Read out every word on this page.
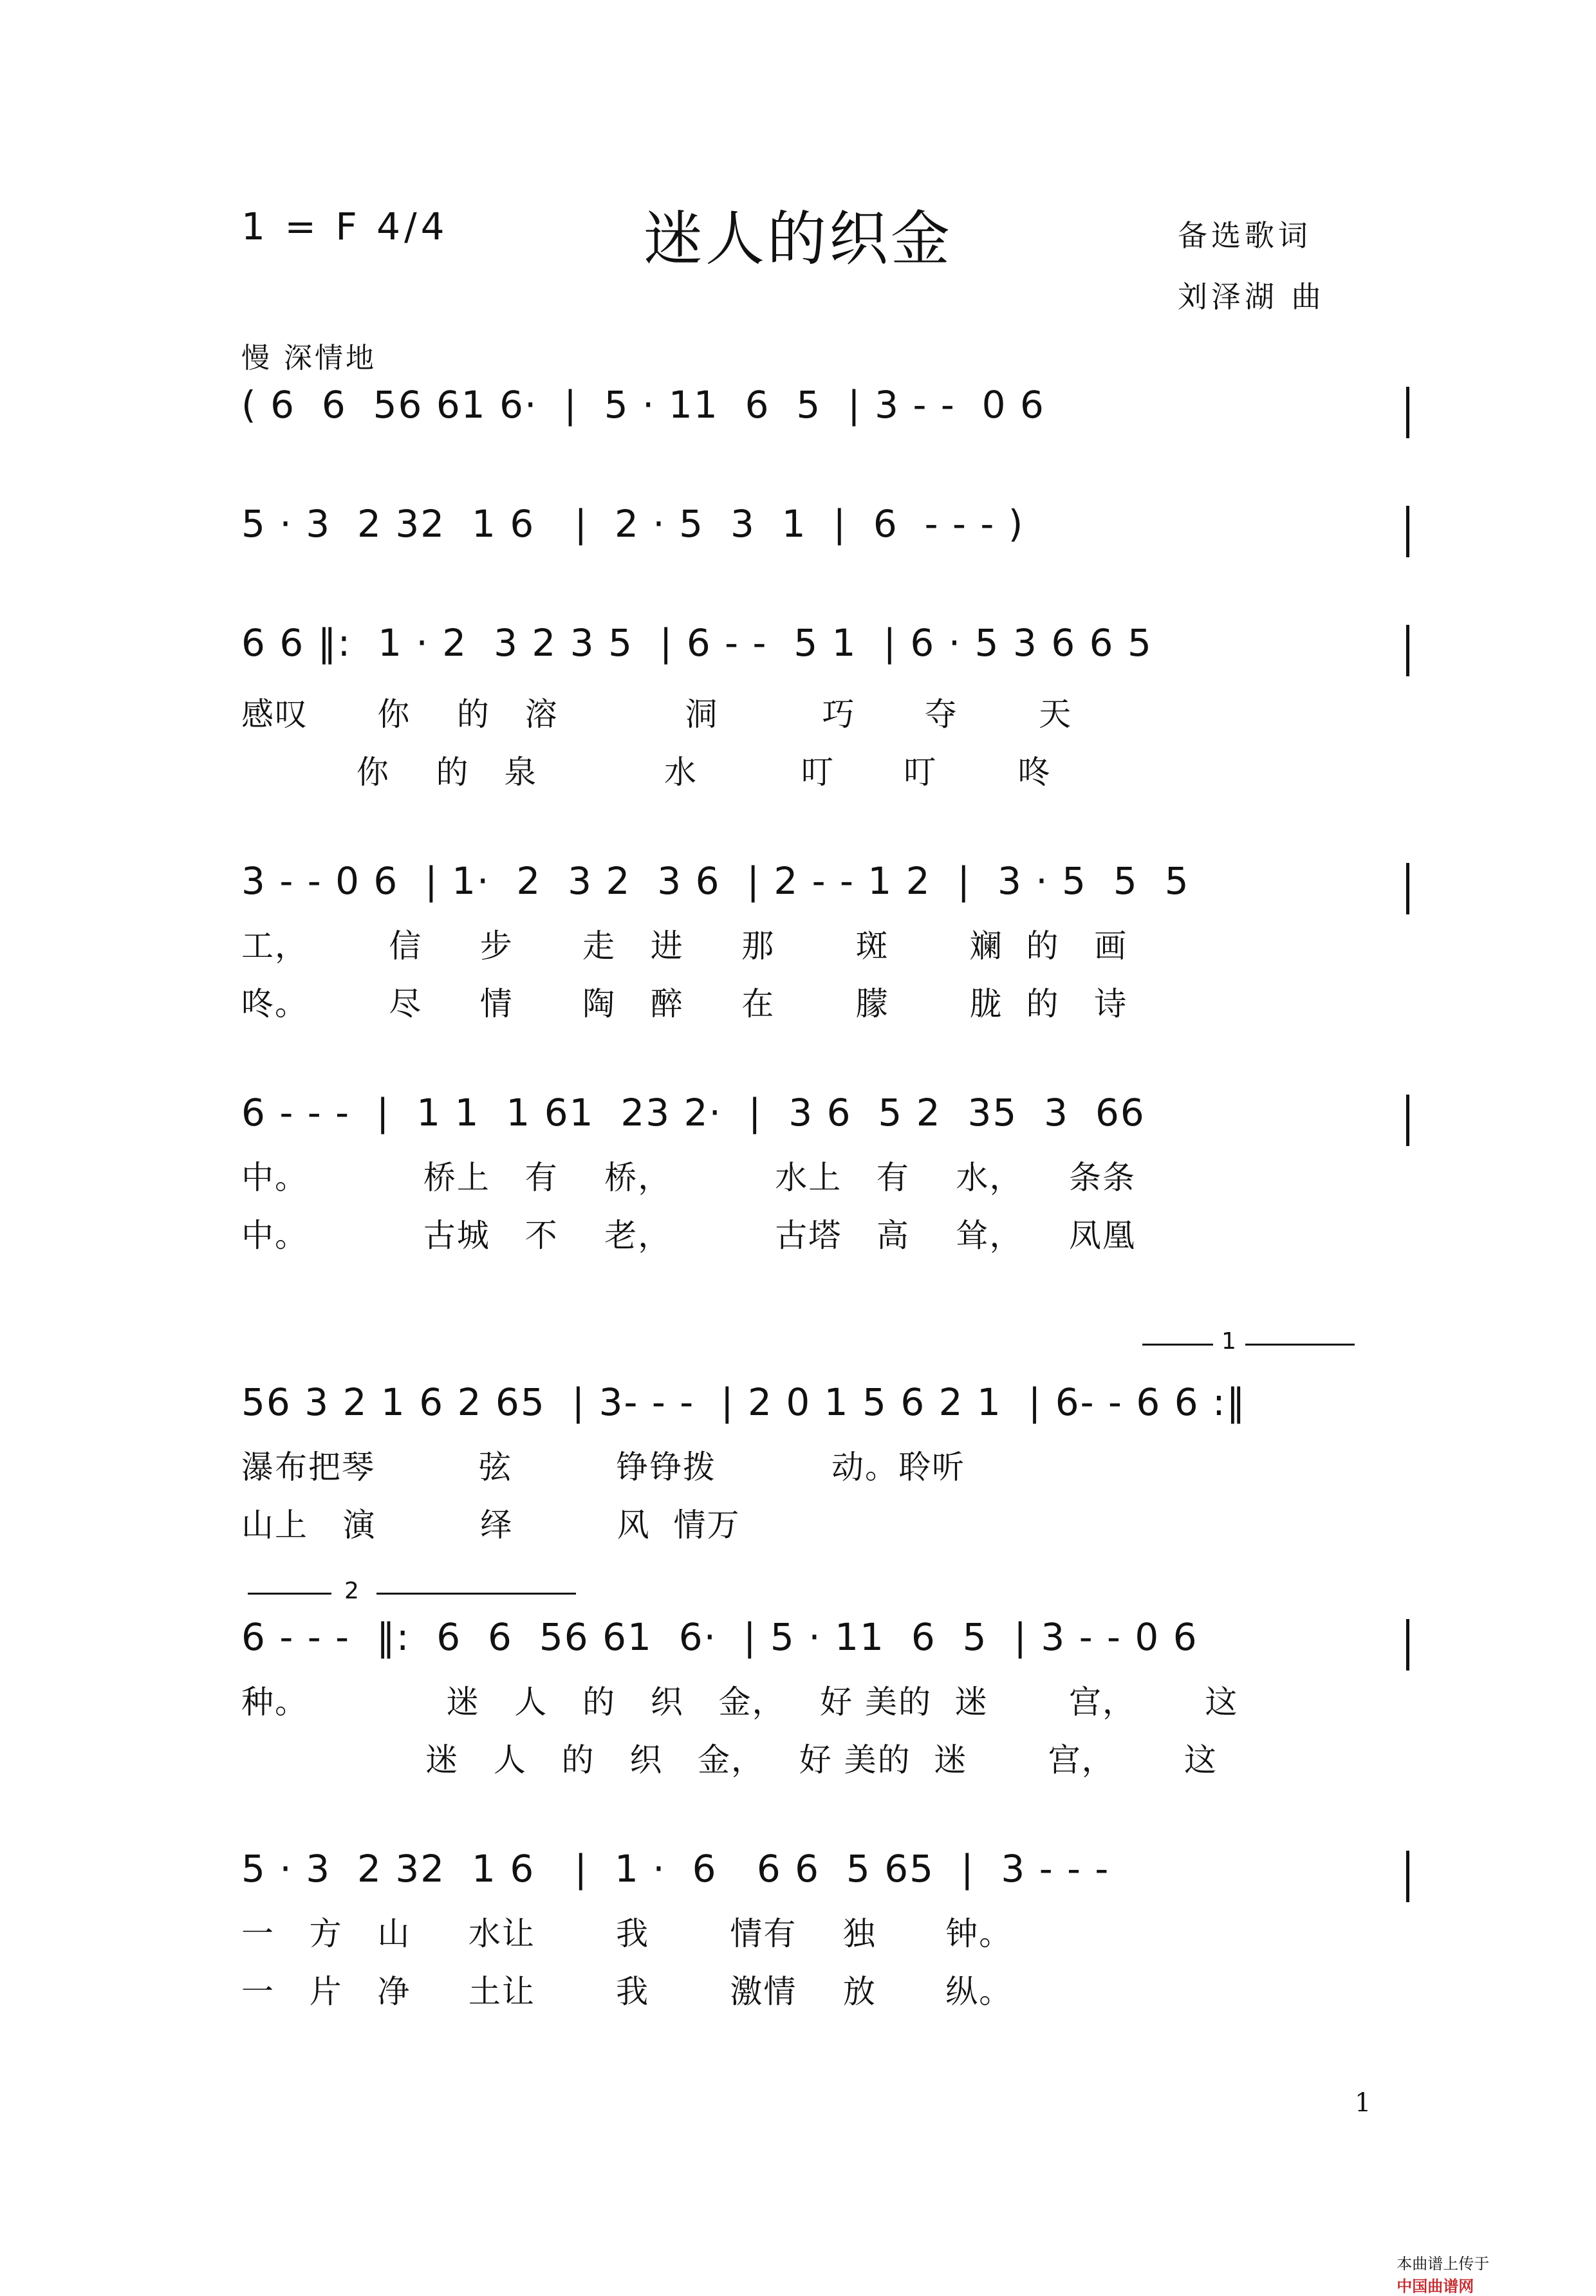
1 = F 4/4	迷人的织金	备选歌词
刘泽湖 曲
慢 深情地
( 6  6  56 61 6·  |  5 · 11  6  5  | 3 - -  0 6
5 · 3  2 32  1 6   |  2 · 5  3  1  |  6  - - - )
6 6 ‖:  1 · 2  3 2 3 5  | 6 - -  5 1  | 6 · 5 3 6 6 5
感叹      你    的   溶           洞         巧      夺       天
你    的   泉           水         叮      叮       咚
3 - - 0 6  | 1·  2  3 2  3 6  | 2 - - 1 2  |  3 · 5  5  5
工，       信     步      走   进     那       斑       斓  的   画
咚。       尽     情      陶   醉     在       朦       胧  的   诗
6 - - -  |  1 1  1 61  23 2·  |  3 6  5 2  35  3  66
中。          桥上   有    桥，         水上   有    水，    条条
中。          古城   不    老，         古塔   高    耸，    凤凰
1
56 3 2 1 6 2 65  | 3- - -  | 2 0 1 5 6 2 1  | 6- - 6 6 :‖
瀑布把琴         弦         铮铮拨          动。聆听
山上   演         绎         风  情万
2
6 - - -  ‖:  6  6  56 61  6·  | 5 · 11  6  5  | 3 - - 0 6
种。            迷   人   的   织   金，   好 美的  迷       宫，      这
迷   人   的   织   金，   好 美的  迷       宫，      这
5 · 3  2 32  1 6   |  1 ·  6   6 6  5 65  |  3 - - -
一   方   山     水让       我       情有    独      钟。
一   片   净     土让       我       激情    放      纵。
1

本曲谱上传于
中国曲谱网
